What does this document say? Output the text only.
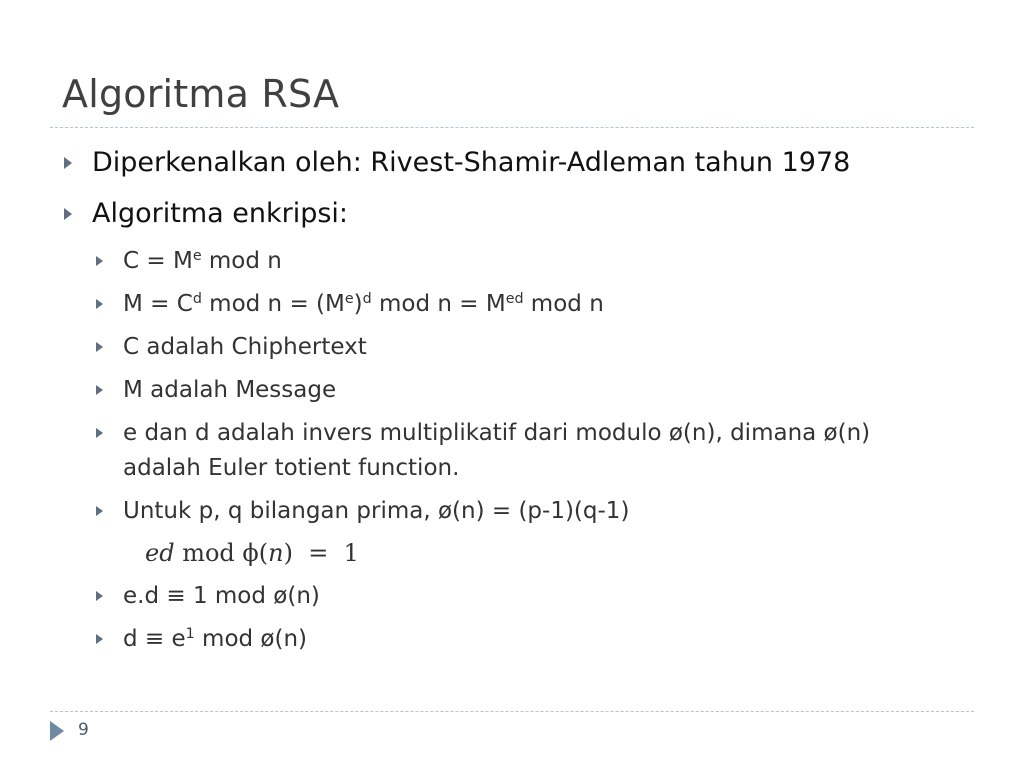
Algoritma RSA
Diperkenalkan oleh: Rivest-Shamir-Adleman tahun 1978
Algoritma enkripsi:
$C = M^e$ mod n
$M = C^d$ mod $n = (M^e)^d$ mod $n = M^{ed}$ mod n
C adalah Chiphertext
M adalah Message
e dan d adalah invers multiplikatif dari modulo ø(n), dimana ø(n) adalah Euler totient function.
Untuk p, q bilangan prima, ø(n) = (p-1)(q-1)
ed mod ϕ(n)  =  1
e.d ≡ 1 mod ø(n)
$d \equiv e^1$ mod ø(n)
9
